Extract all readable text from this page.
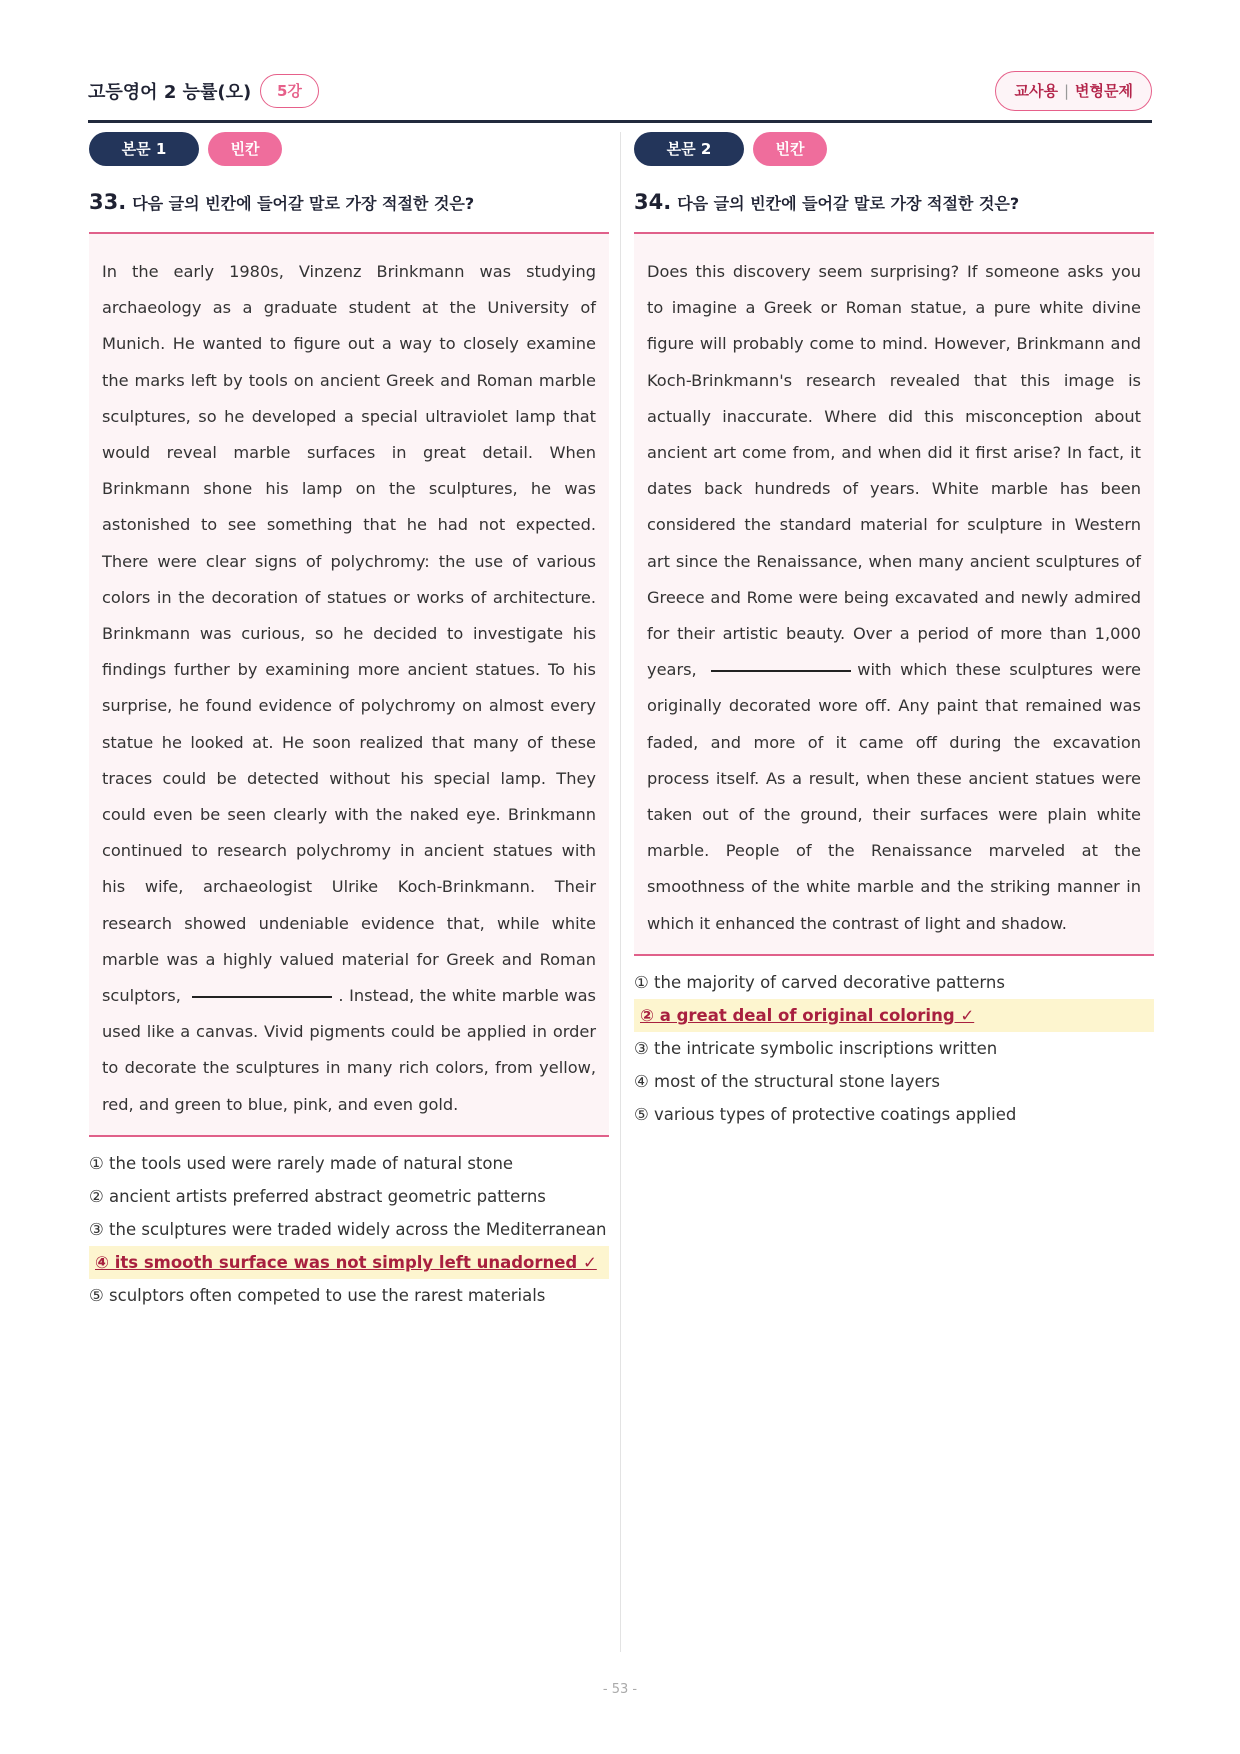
고등영어 2 능률(오)	5강	교사용 | 변형문제
본문 1	빈칸
33. 다음 글의 빈칸에 들어갈 말로 가장 적절한 것은?
In the early 1980s, Vinzenz Brinkmann was studying archaeology as a graduate student at the University of Munich. He wanted to figure out a way to closely examine the marks left by tools on ancient Greek and Roman marble sculptures, so he developed a special ultraviolet lamp that would reveal marble surfaces in great detail. When Brinkmann shone his lamp on the sculptures, he was astonished to see something that he had not expected. There were clear signs of polychromy: the use of various colors in the decoration of statues or works of architecture. Brinkmann was curious, so he decided to investigate his findings further by examining more ancient statues. To his surprise, he found evidence of polychromy on almost every statue he looked at. He soon realized that many of these traces could be detected without his special lamp. They could even be seen clearly with the naked eye. Brinkmann continued to research polychromy in ancient statues with his wife, archaeologist Ulrike Koch-Brinkmann. Their research showed undeniable evidence that, while white marble was a highly valued material for Greek and Roman sculptors,	. Instead, the white marble was used like a canvas. Vivid pigments could be applied in order to decorate the sculptures in many rich colors, from yellow, red, and green to blue, pink, and even gold.
① the tools used were rarely made of natural stone
② ancient artists preferred abstract geometric patterns
③ the sculptures were traded widely across the Mediterranean
④ its smooth surface was not simply left unadorned ✓
⑤ sculptors often competed to use the rarest materials
본문 2	빈칸
34. 다음 글의 빈칸에 들어갈 말로 가장 적절한 것은?
Does this discovery seem surprising? If someone asks you to imagine a Greek or Roman statue, a pure white divine figure will probably come to mind. However, Brinkmann and Koch-Brinkmann's research revealed that this image is actually inaccurate. Where did this misconception about ancient art come from, and when did it first arise? In fact, it dates back hundreds of years. White marble has been considered the standard material for sculpture in Western art since the Renaissance, when many ancient sculptures of Greece and Rome were being excavated and newly admired for their artistic beauty. Over a period of more than 1,000 years,	with which these sculptures were originally decorated wore off. Any paint that remained was faded, and more of it came off during the excavation process itself. As a result, when these ancient statues were taken out of the ground, their surfaces were plain white marble. People of the Renaissance marveled at the smoothness of the white marble and the striking manner in which it enhanced the contrast of light and shadow.
① the majority of carved decorative patterns
② a great deal of original coloring ✓
③ the intricate symbolic inscriptions written
④ most of the structural stone layers
⑤ various types of protective coatings applied
- 53 -
